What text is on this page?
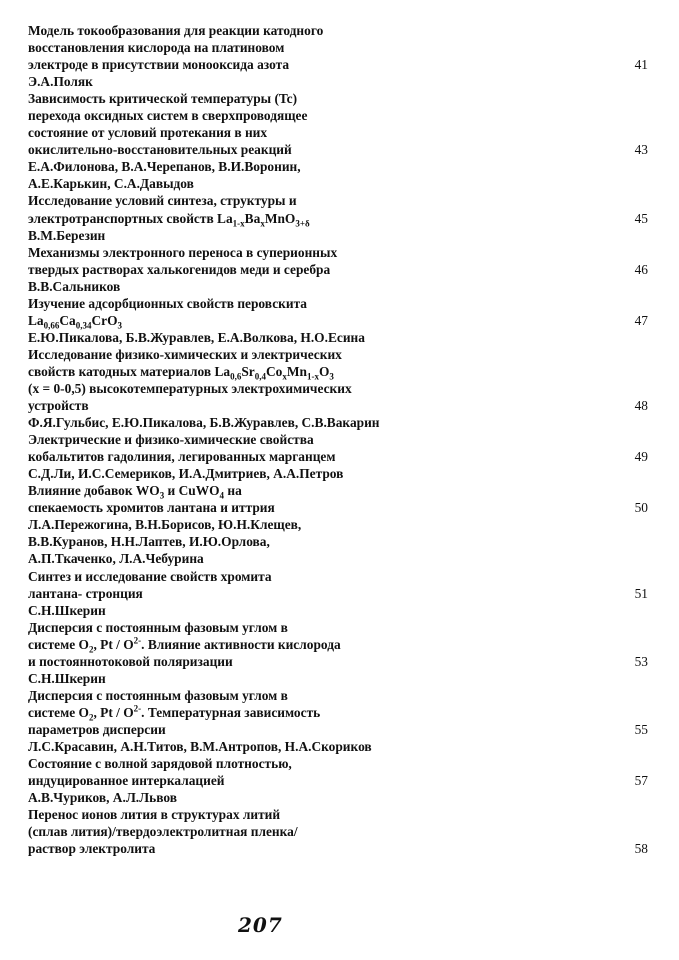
Модель токообразования для реакции катодного
восстановления кислорода на платиновом
электроде в присутствии монооксида азота
Э.А.Поляк
41
Зависимость критической температуры (Tc)
перехода оксидных систем в сверхпроводящее
состояние от условий протекания в них
окислительно-восстановительных реакций
Е.А.Филонова, В.А.Черепанов, В.И.Воронин,
А.Е.Карькин, С.А.Давыдов
43
Исследование условий синтеза, структуры и
электротранспортных свойств $La_{1-x}Ba_xMnO_{3+\delta}$
В.М.Березин
45
Механизмы электронного переноса в суперионных
твердых растворах халькогенидов меди и серебра
В.В.Сальников
46
Изучение адсорбционных свойств перовскита
$La_{0,66}Ca_{0,34}CrO_3$
Е.Ю.Пикалова, Б.В.Журавлев, Е.А.Волкова, Н.О.Есина
47
Исследование физико-химических и электрических
свойств катодных материалов $La_{0,6}Sr_{0,4}Co_xMn_{1-x}O_3$
(x = 0-0,5) высокотемпературных электрохимических
устройств
Ф.Я.Гульбис, Е.Ю.Пикалова, Б.В.Журавлев, С.В.Вакарин
48
Электрические и физико-химические свойства
кобальтитов гадолиния, легированных марганцем
С.Д.Ли, И.С.Семериков, И.А.Дмитриев, А.А.Петров
49
Влияние добавок $WO_3$ и CuWO$_4$ на
спекаемость хромитов лантана и иттрия
Л.А.Пережогина, В.Н.Борисов, Ю.Н.Клещев,
В.В.Куранов, Н.Н.Лаптев, И.Ю.Орлова,
А.П.Ткаченко, Л.А.Чебурина
50
Синтез и исследование свойств хромита
лантана- стронция
С.Н.Шкерин
51
Дисперсия с постоянным фазовым углом в
системе $O_2$, Pt / $O^{2-}$. Влияние активности кислорода
и постояннотоковой поляризации
С.Н.Шкерин
53
Дисперсия с постоянным фазовым углом в
системе $O_2$, Pt / $O^{2-}$. Температурная зависимость
параметров дисперсии
Л.С.Красавин, А.Н.Титов, В.М.Антропов, Н.А.Скориков
55
Состояние с волной зарядовой плотностью,
индуцированное интеркалацией
А.В.Чуриков, А.Л.Львов
57
Перенос ионов лития в структурах литий
(сплав лития)/твердоэлектролитная пленка/
раствор электролита	58
207
